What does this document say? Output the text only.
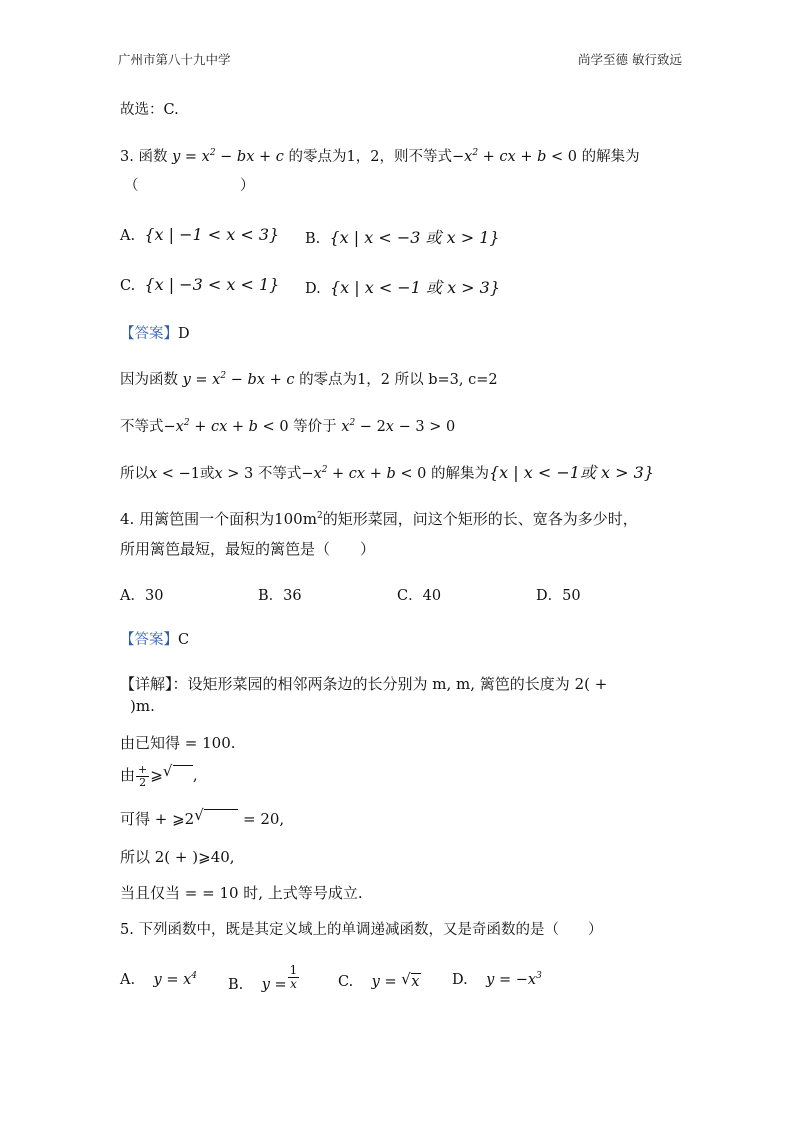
广州市第八十九中学	尚学至德 敏行致远
故选：C.
3. 函数 $y = x^2$ − bx + c 的零点为1，2，则不等式$-x^2$ + cx + b < 0 的解集为
（　　　　　　　）
A. {x | −1 < x < 3} B. {x | x < −3 或 x > 1}
C. {x | −3 < x < 1} D. {x | x < −1 或 x > 3}
【答案】D
因为函数 $y = x^2$ − bx + c 的零点为1，2 所以 b=3, c=2
不等式$-x^2$ + cx + b < 0 等价于 $x^2 - 2x - 3 > 0$
所以x < −1或x > 3 不等式$-x^2$ + cx + b < 0 的解集为{x | x < −1或 x > 3}
4. 用篱笆围一个面积为$100m^2$的矩形菜园，问这个矩形的长、宽各为多少时，
所用篱笆最短，最短的篱笆是（　　）
A．30	B．36	C．40	D．50
【答案】C
【详解】：设矩形菜园的相邻两条边的长分别为 m, m, 篱笆的长度为 2( +
)m.
由已知得 = 100.
由 $\frac{+}{2}$ ⩾ √ ,
可得 + ⩾2 √	= 20,
所以 2( + )⩾40,
当且仅当 = = 10 时, 上式等号成立.
5. 下列函数中，既是其定义域上的单调递减函数，又是奇函数的是（　　）
A. $y = x^4$
B. $y = \frac{1}{x}$	C. y = √ x D. $y = -x^3$
